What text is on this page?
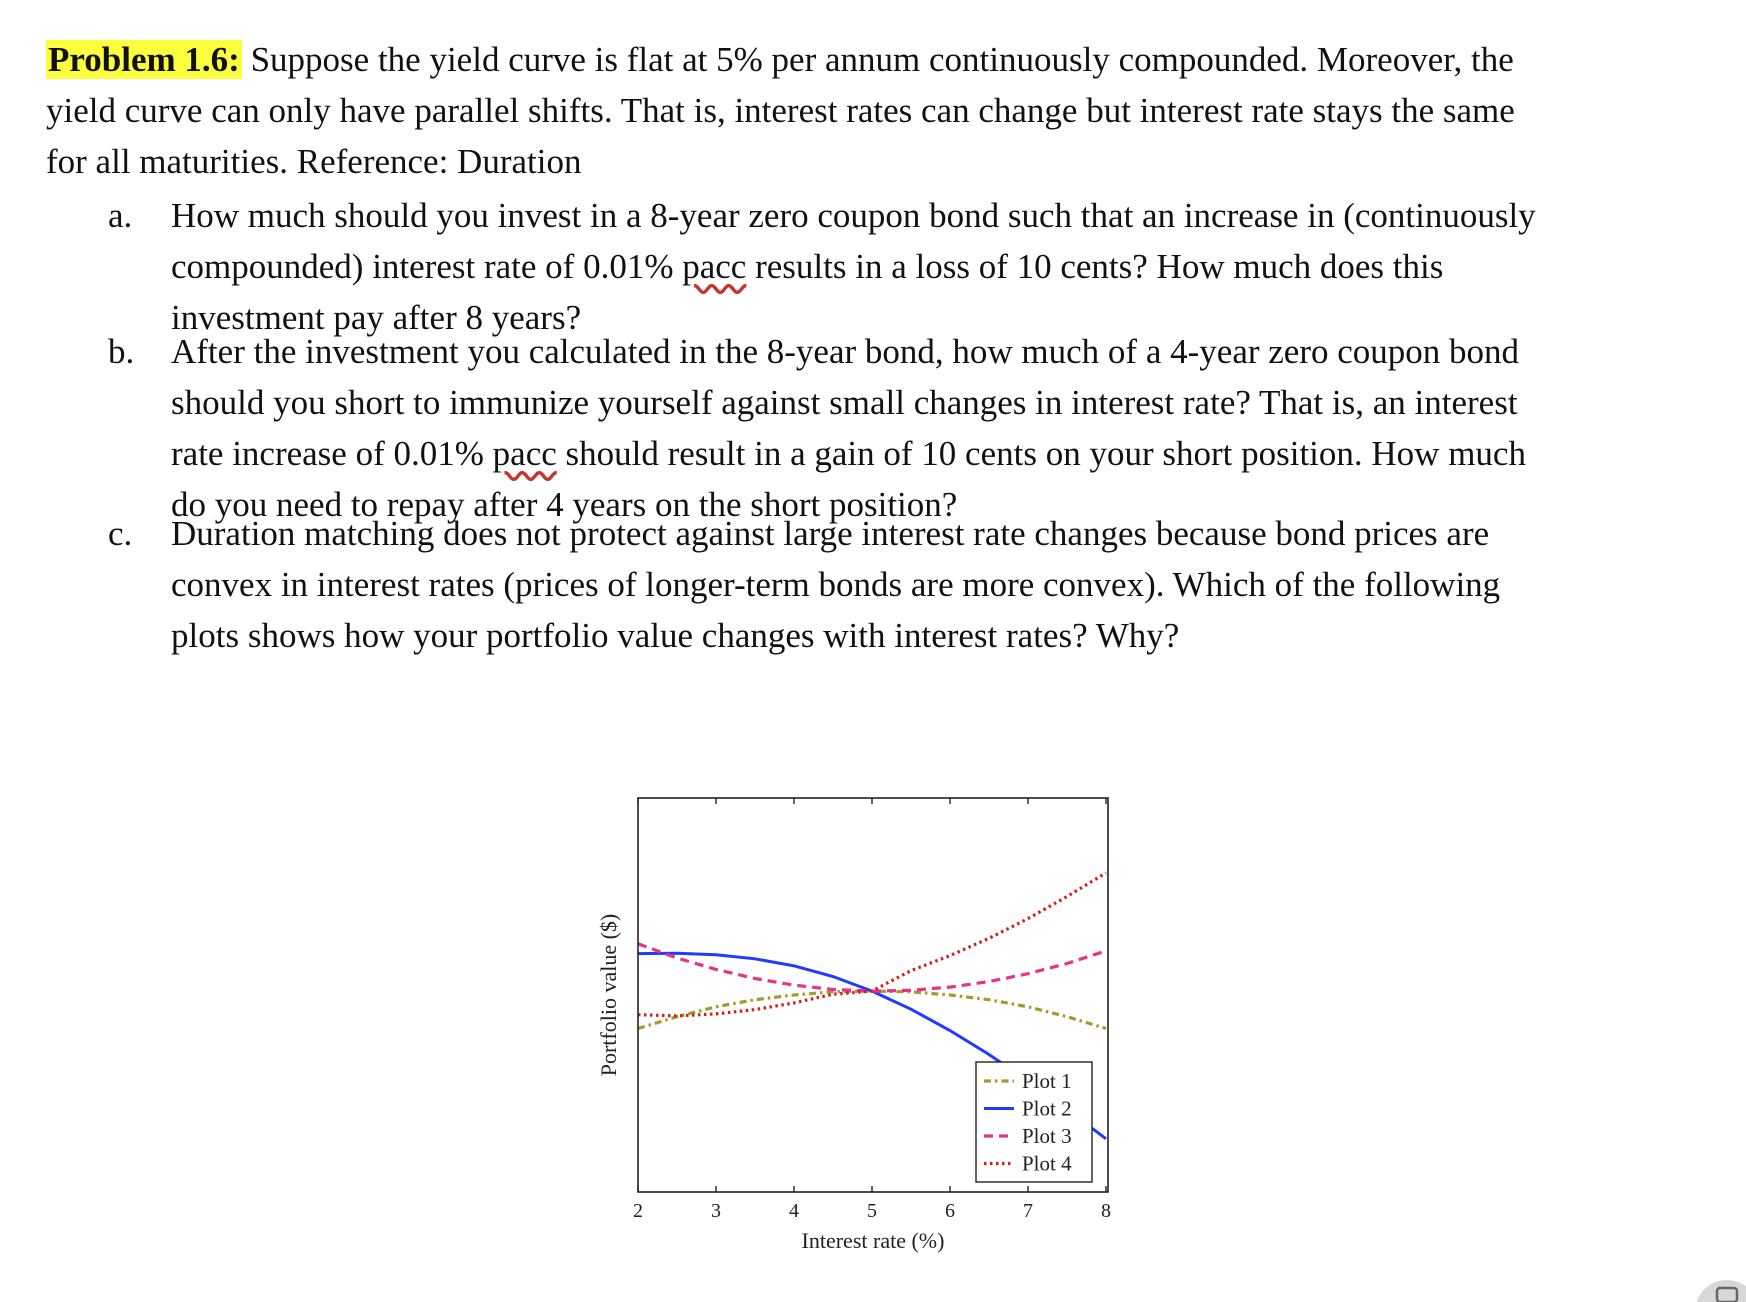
Problem 1.6: Suppose the yield curve is flat at 5% per annum continuously compounded. Moreover, the
yield curve can only have parallel shifts. That is, interest rates can change but interest rate stays the same
for all maturities. Reference: Duration

a. How much should you invest in a 8-year zero coupon bond such that an increase in (continuously
compounded) interest rate of 0.01% pacc results in a loss of 10 cents? How much does this
investment pay after 8 years?
b. After the investment you calculated in the 8-year bond, how much of a 4-year zero coupon bond
should you short to immunize yourself against small changes in interest rate? That is, an interest
rate increase of 0.01% pacc should result in a gain of 10 cents on your short position. How much
do you need to repay after 4 years on the short position?
c. Duration matching does not protect against large interest rate changes because bond prices are
convex in interest rates (prices of longer-term bonds are more convex). Which of the following
plots shows how your portfolio value changes with interest rates? Why?
2	3	4	5	6	7	8
Interest rate (%)
Portfolio value ($)
Plot 1
Plot 2
Plot 3
Plot 4
